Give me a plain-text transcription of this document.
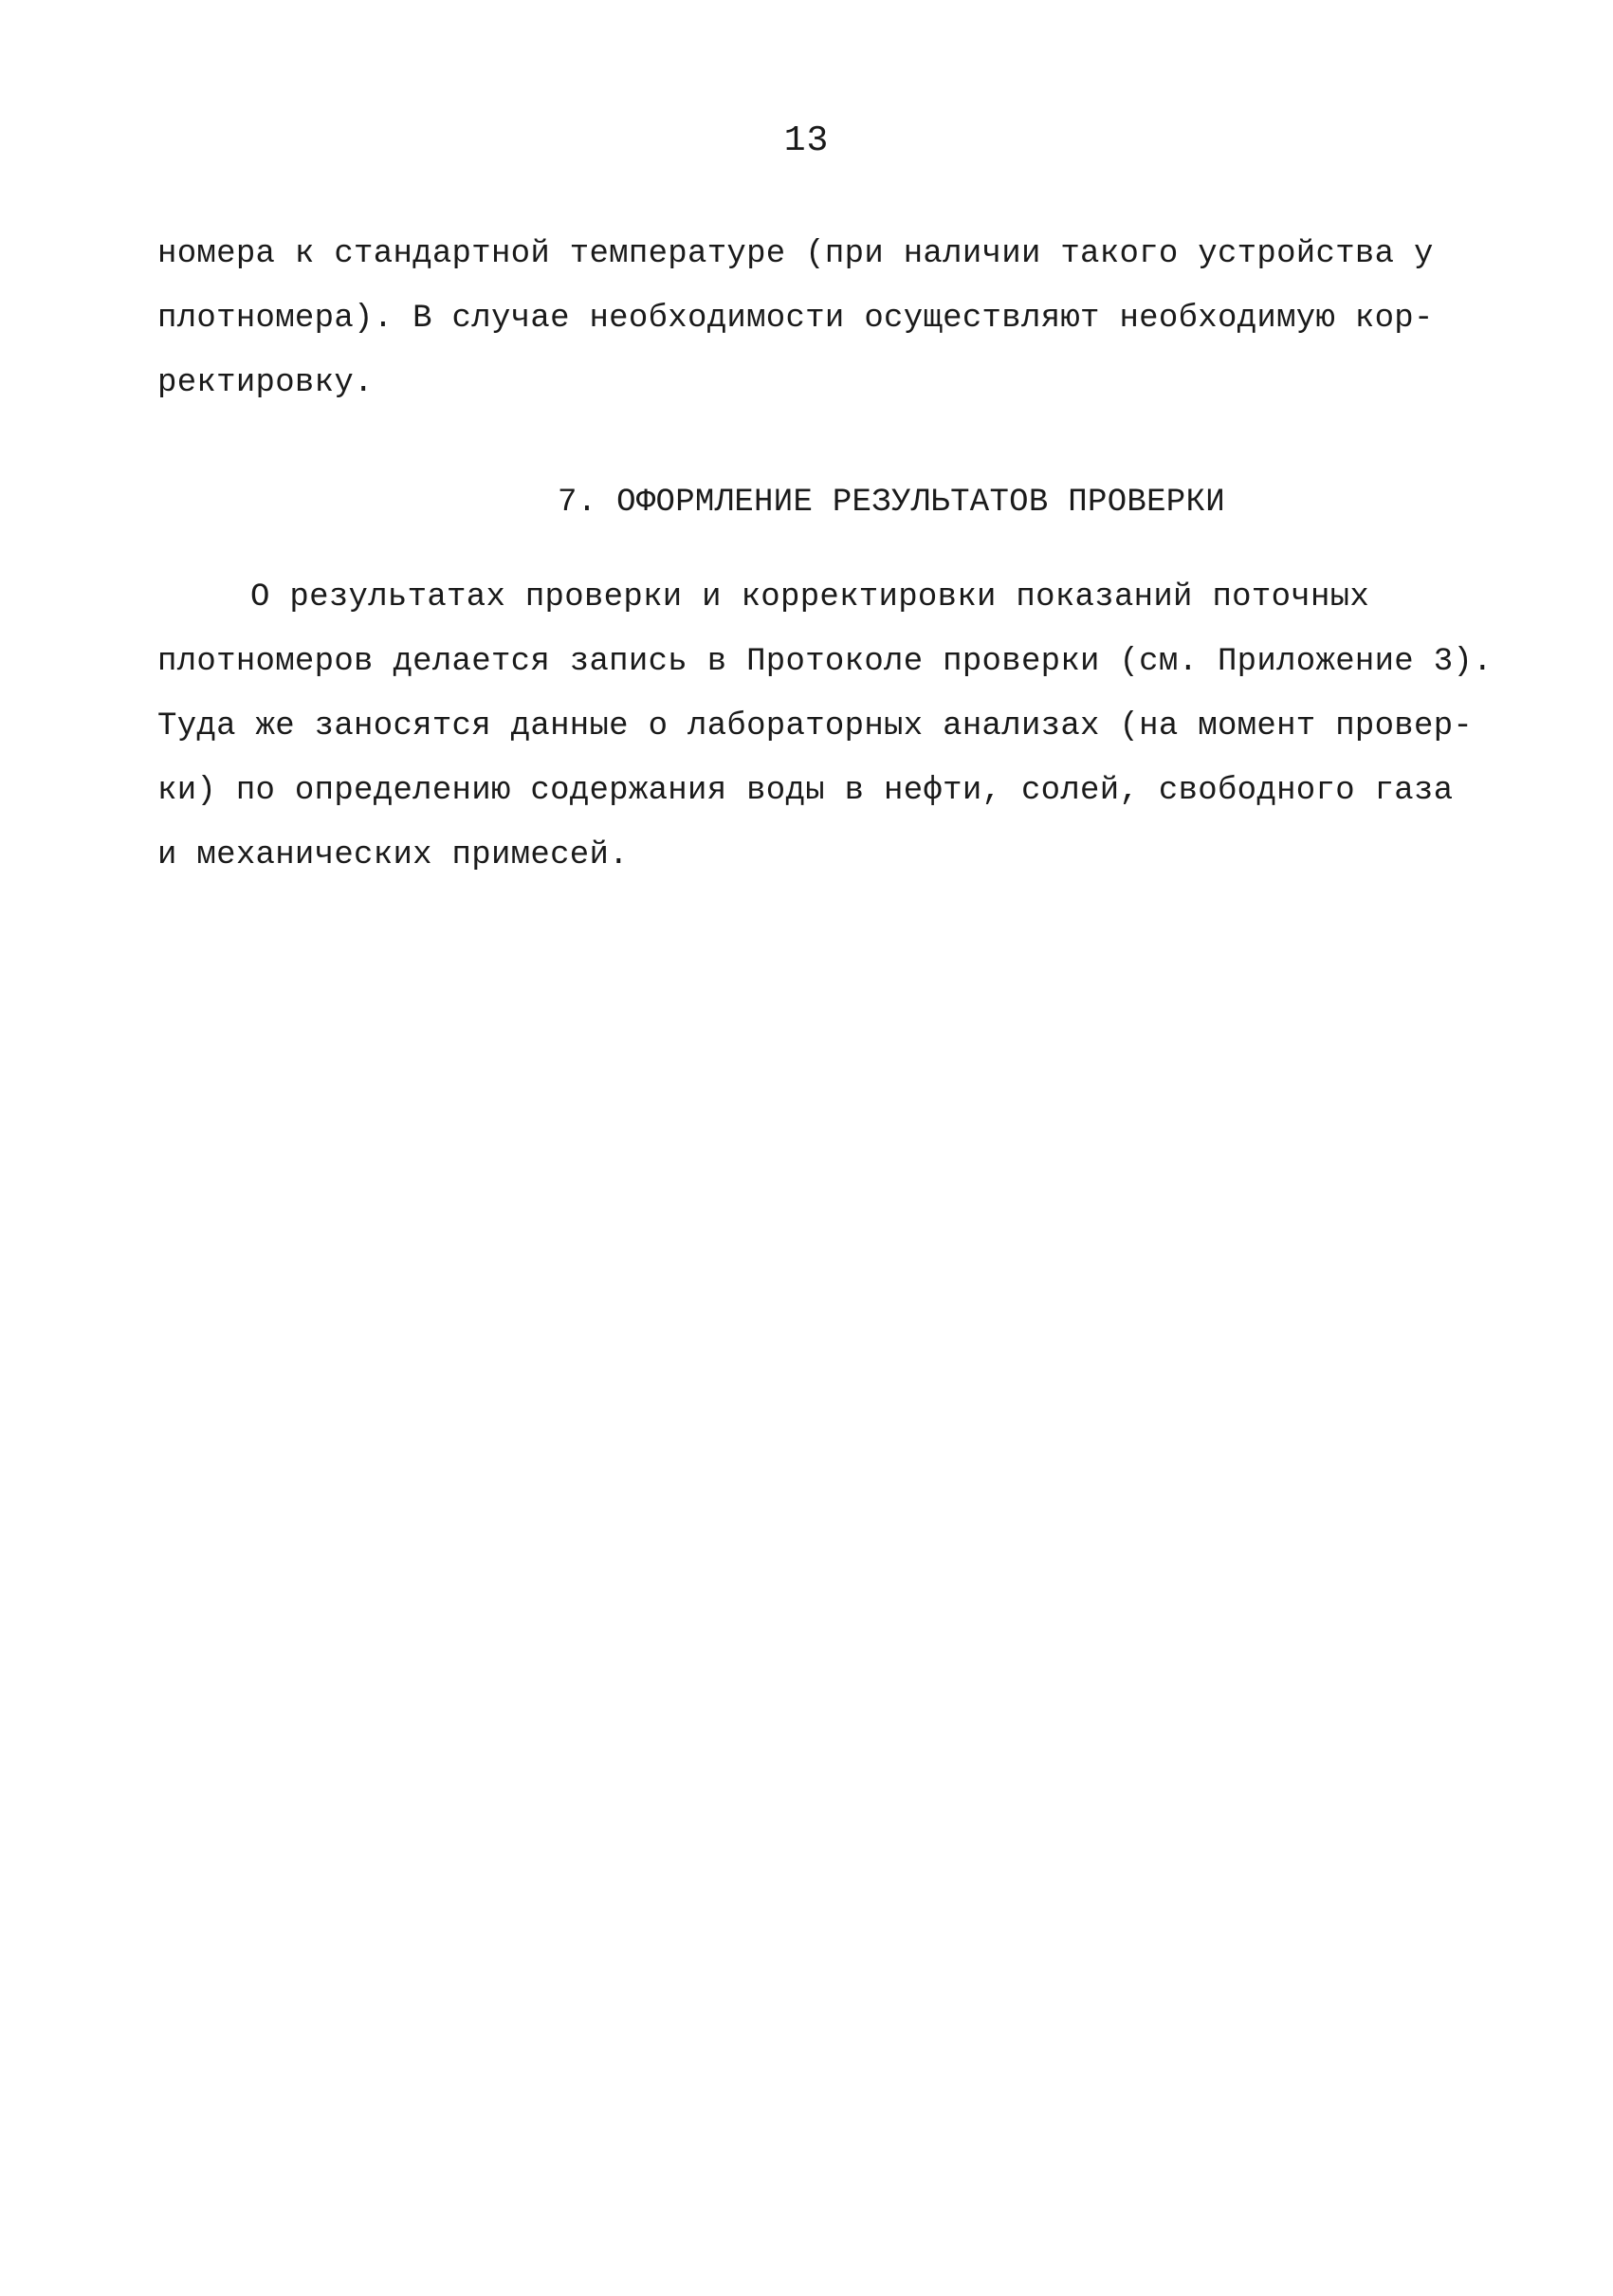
13
номера к стандартной температуре (при наличии такого устройства у
плотномера). В случае необходимости осуществляют необходимую кор-
ректировку.
7. ОФОРМЛЕНИЕ РЕЗУЛЬТАТОВ ПРОВЕРКИ
О результатах проверки и корректировки показаний поточных
плотномеров делается запись в Протоколе проверки (см. Приложение 3).
Туда же заносятся данные о лабораторных анализах (на момент провер-
ки) по определению содержания воды в нефти, солей, свободного газа
и механических примесей.
